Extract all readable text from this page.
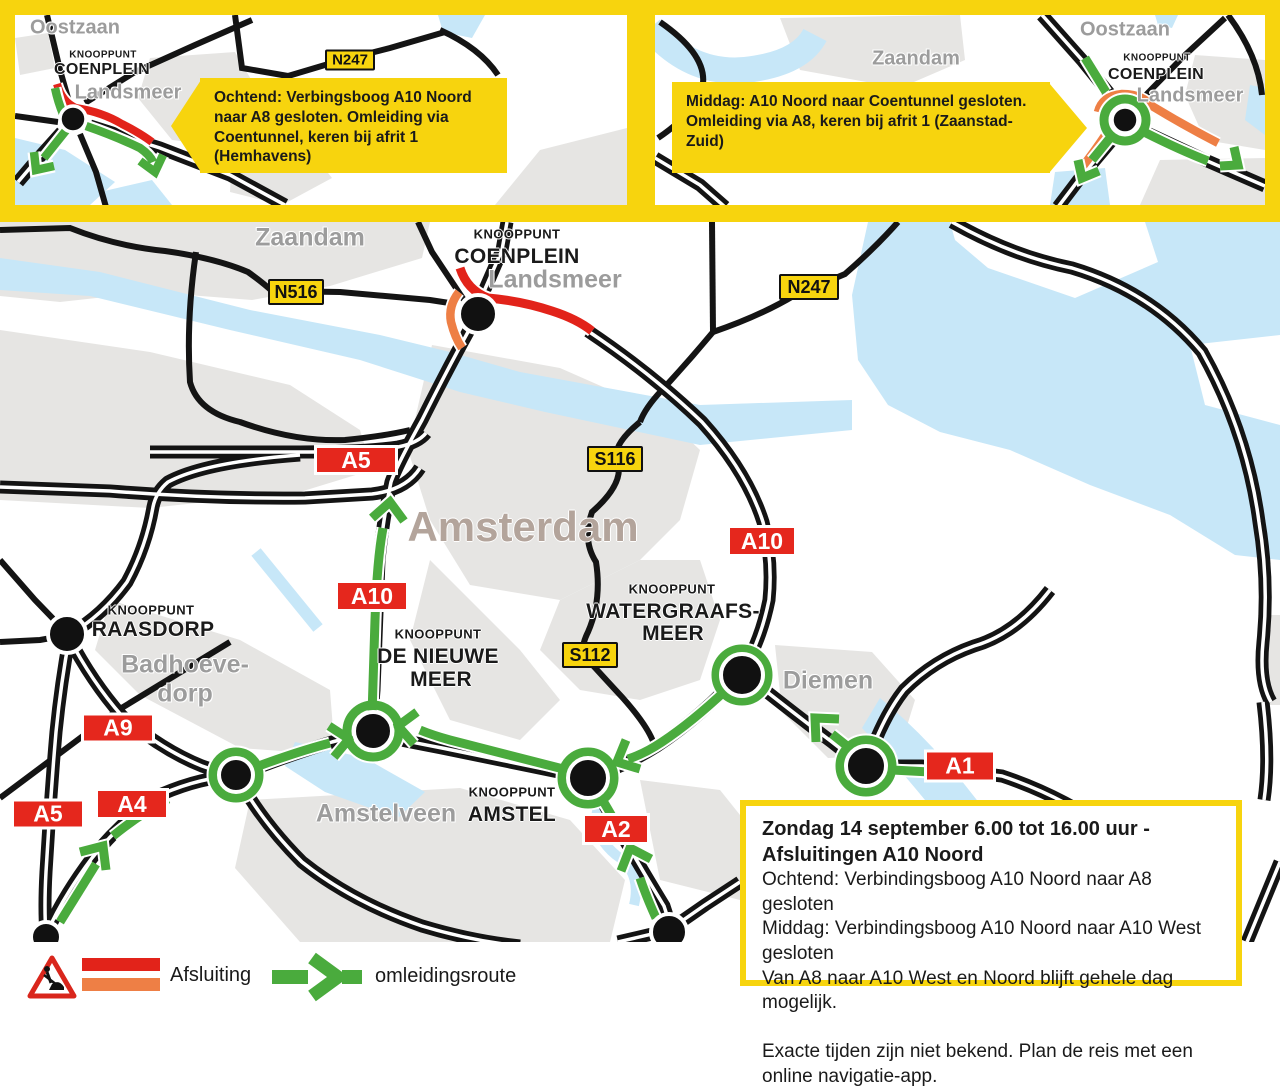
Oostzaan
KNOOPPUNT
COENPLEIN
Landsmeer
N247
Ochtend: Verbingsboog A10 Noord naar A8 gesloten. Omleiding via Coentunnel, keren bij afrit 1 (Hemhavens)
Zaandam
Oostzaan
KNOOPPUNT
COENPLEIN
Landsmeer
Middag: A10 Noord naar Coentunnel gesloten. Omleiding via A8, keren bij afrit 1 (Zaanstad-Zuid)
Zaandam	KNOOPPUNT
COENPLEIN
Landsmeer
Amsterdam
KNOOPPUNT
WATERGRAAFS-
MEER
KNOOPPUNT
DE NIEUWE
MEER
KNOOPPUNT
AMSTEL
KNOOPPUNT
RAASDORP
Badhoeve-
dorp
Amstelveen
Diemen
N516	N247
S116
S112
A5
A10
A10
A9
A5	A4
A2
A1
Zondag 14 september 6.00 tot 16.00 uur - Afsluitingen A10 Noord
Ochtend: Verbindingsboog A10 Noord naar A8 gesloten
Middag: Verbindingsboog A10 Noord naar A10 West gesloten
Van A8 naar A10 West en Noord blijft gehele dag mogelijk.
Exacte tijden zijn niet bekend. Plan de reis met een online navigatie-app.
Afsluiting	omleidingsroute
